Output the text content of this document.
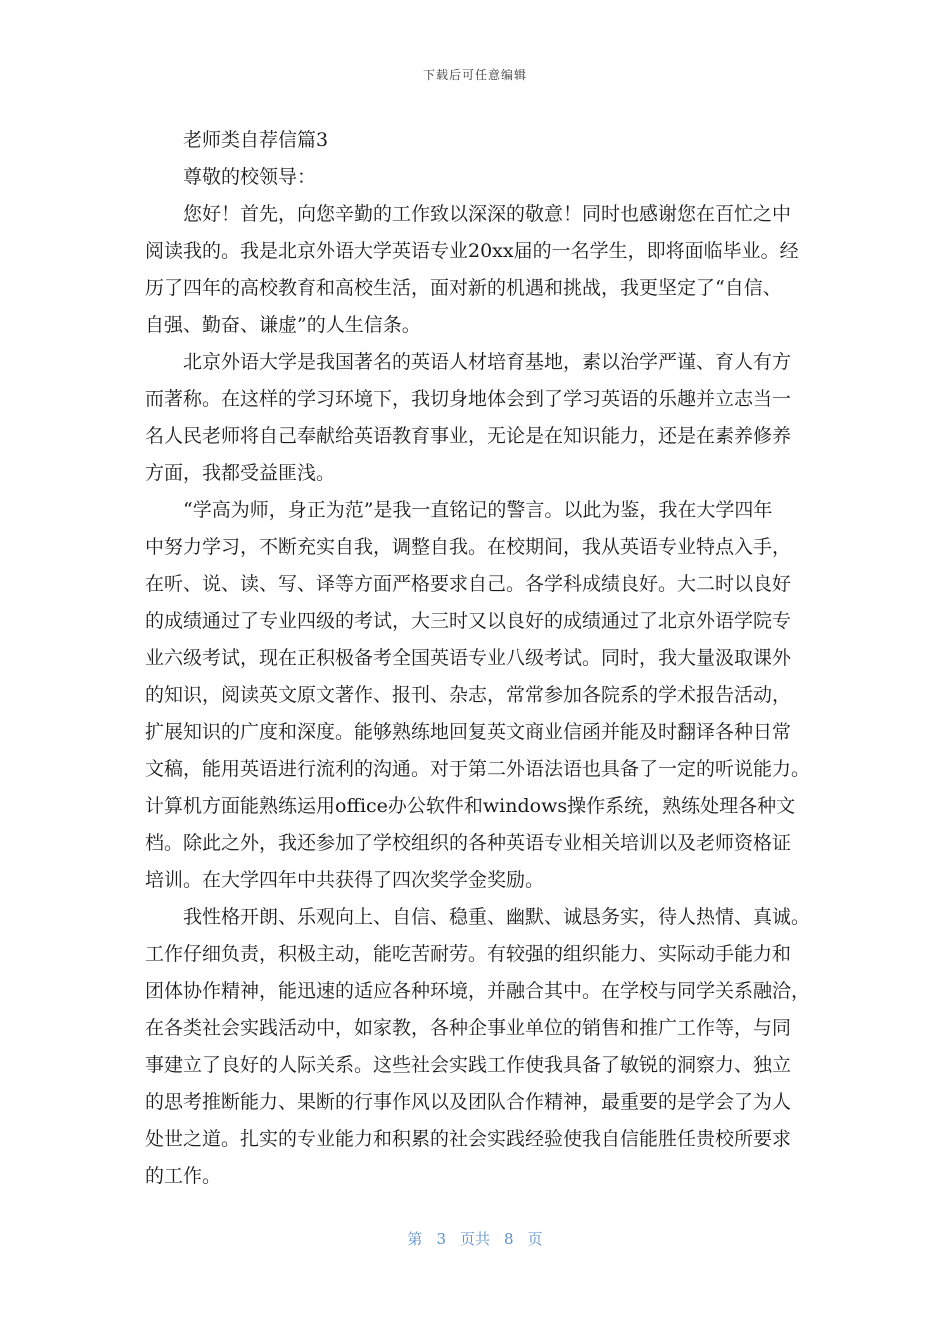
下载后可任意编辑
　　老师类自荐信篇3
　　尊敬的校领导：
　　您好！首先，向您辛勤的工作致以深深的敬意！同时也感谢您在百忙之中
阅读我的。我是北京外语大学英语专业20xx届的一名学生，即将面临毕业。经
历了四年的高校教育和高校生活，面对新的机遇和挑战，我更坚定了“自信、
自强、勤奋、谦虚”的人生信条。
　　北京外语大学是我国著名的英语人材培育基地，素以治学严谨、育人有方
而著称。在这样的学习环境下，我切身地体会到了学习英语的乐趣并立志当一
名人民老师将自己奉献给英语教育事业，无论是在知识能力，还是在素养修养
方面，我都受益匪浅。
　　“学高为师，身正为范”是我一直铭记的警言。以此为鉴，我在大学四年
中努力学习，不断充实自我，调整自我。在校期间，我从英语专业特点入手，
在听、说、读、写、译等方面严格要求自己。各学科成绩良好。大二时以良好
的成绩通过了专业四级的考试，大三时又以良好的成绩通过了北京外语学院专
业六级考试，现在正积极备考全国英语专业八级考试。同时，我大量汲取课外
的知识，阅读英文原文著作、报刊、杂志，常常参加各院系的学术报告活动，
扩展知识的广度和深度。能够熟练地回复英文商业信函并能及时翻译各种日常
文稿，能用英语进行流利的沟通。对于第二外语法语也具备了一定的听说能力。
计算机方面能熟练运用office办公软件和windows操作系统，熟练处理各种文
档。除此之外，我还参加了学校组织的各种英语专业相关培训以及老师资格证
培训。在大学四年中共获得了四次奖学金奖励。
　　我性格开朗、乐观向上、自信、稳重、幽默、诚恳务实，待人热情、真诚。
工作仔细负责，积极主动，能吃苦耐劳。有较强的组织能力、实际动手能力和
团体协作精神，能迅速的适应各种环境，并融合其中。在学校与同学关系融洽，
在各类社会实践活动中，如家教，各种企事业单位的销售和推广工作等，与同
事建立了良好的人际关系。这些社会实践工作使我具备了敏锐的洞察力、独立
的思考推断能力、果断的行事作风以及团队合作精神，最重要的是学会了为人
处世之道。扎实的专业能力和积累的社会实践经验使我自信能胜任贵校所要求
的工作。
第 3 页共 8 页
